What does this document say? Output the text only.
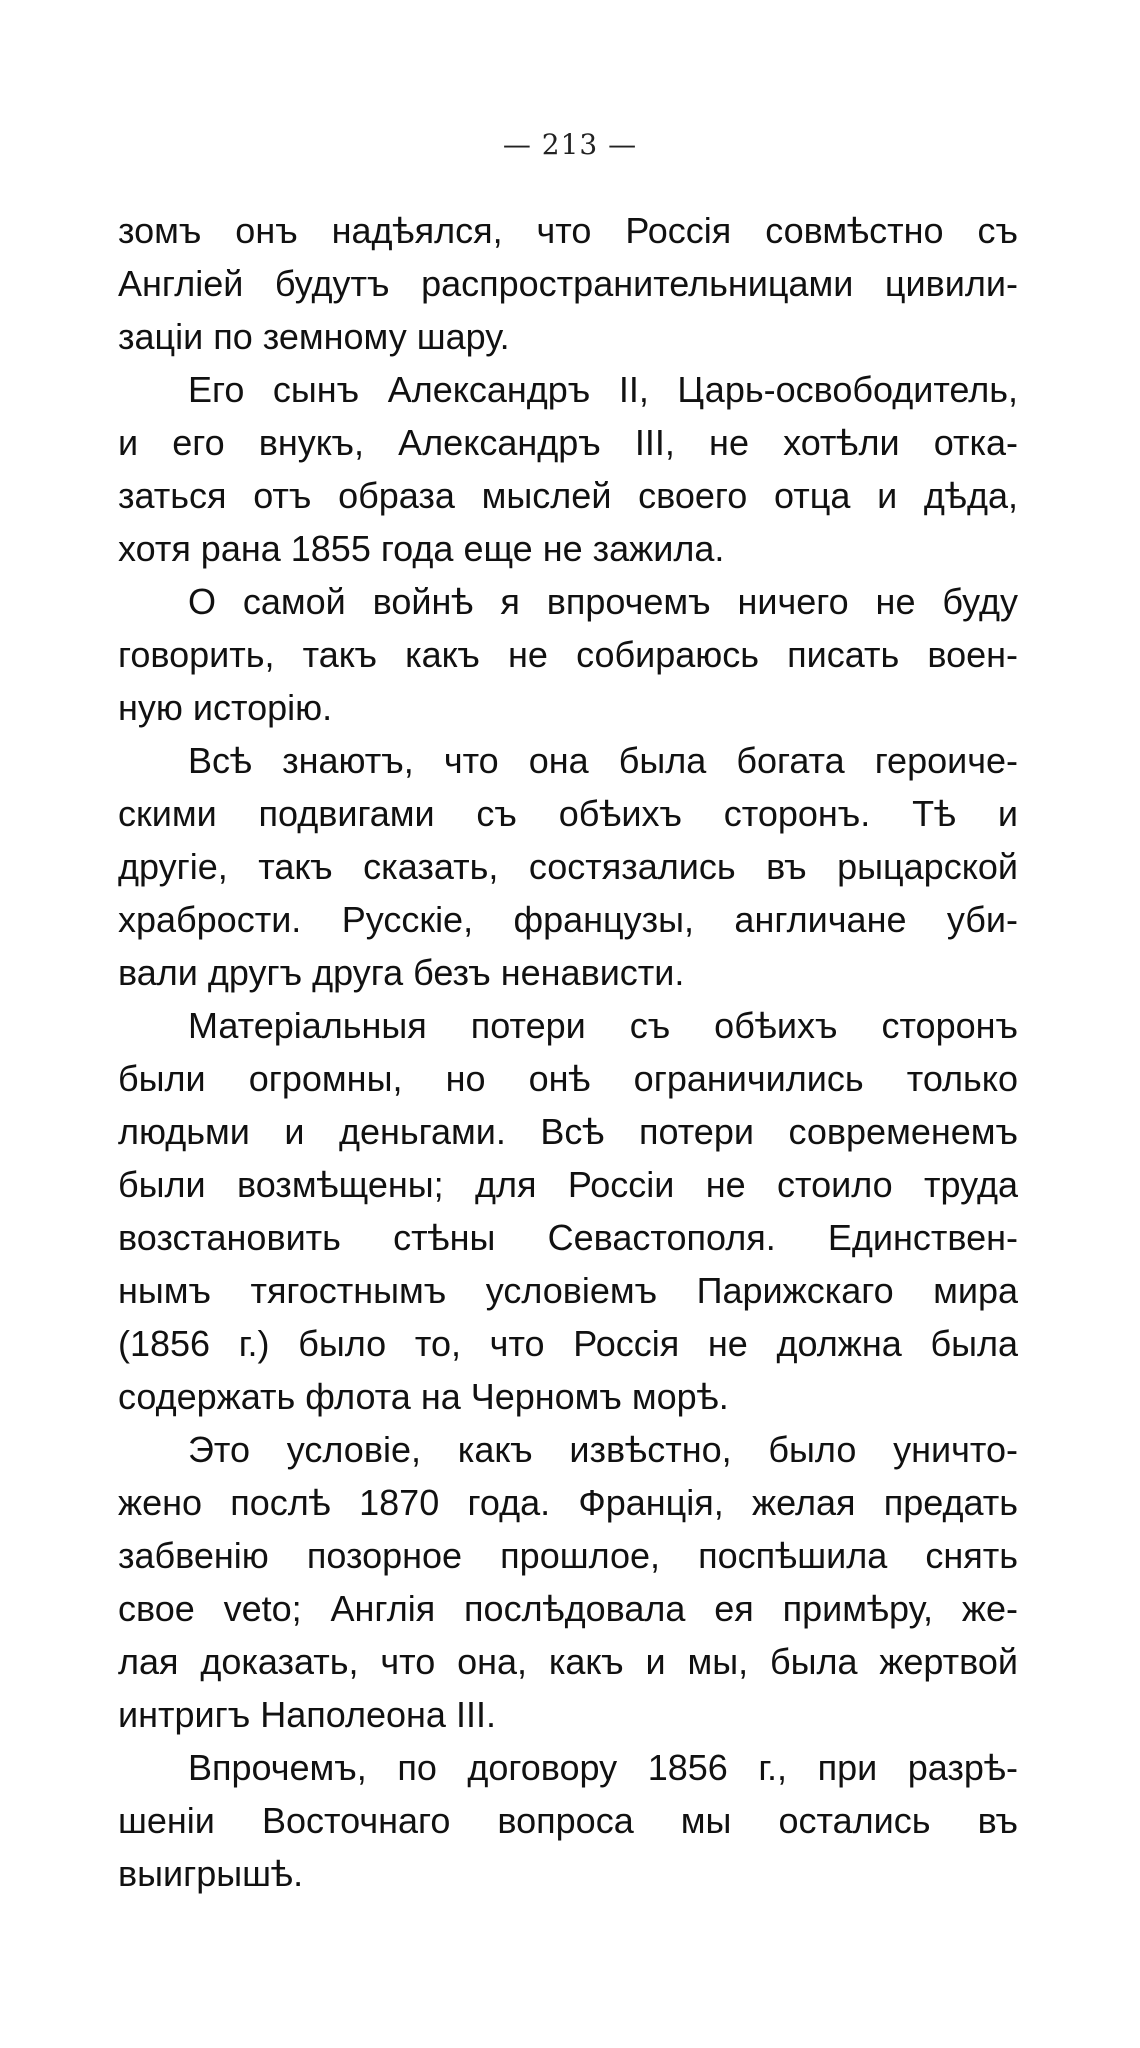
— 213 —
зомъ онъ надѣялся, что Россія совмѣстно съ
Англіей будутъ распространительницами цивили-
заціи по земному шару.
Его сынъ Александръ II, Царь-освободитель,
и его внукъ, Александръ III, не хотѣли отка-
заться отъ образа мыслей своего отца и дѣда,
хотя рана 1855 года еще не зажила.
О самой войнѣ я впрочемъ ничего не буду
говорить, такъ какъ не собираюсь писать воен-
ную исторію.
Всѣ знаютъ, что она была богата героиче-
скими подвигами съ обѣихъ сторонъ. Тѣ и
другіе, такъ сказать, состязались въ рыцарской
храбрости. Русскіе, французы, англичане уби-
вали другъ друга безъ ненависти.
Матеріальныя потери съ обѣихъ сторонъ
были огромны, но онѣ ограничились только
людьми и деньгами. Всѣ потери современемъ
были возмѣщены; для Россіи не стоило труда
возстановить стѣны Севастополя. Единствен-
нымъ тягостнымъ условіемъ Парижскаго мира
(1856 г.) было то, что Россія не должна была
содержать флота на Черномъ морѣ.
Это условіе, какъ извѣстно, было уничто-
жено послѣ 1870 года. Франція, желая предать
забвенію позорное прошлое, поспѣшила снять
свое veto; Англія послѣдовала ея примѣру, же-
лая доказать, что она, какъ и мы, была жертвой
интригъ Наполеона III.
Впрочемъ, по договору 1856 г., при разрѣ-
шеніи Восточнаго вопроса мы остались въ
выигрышѣ.
